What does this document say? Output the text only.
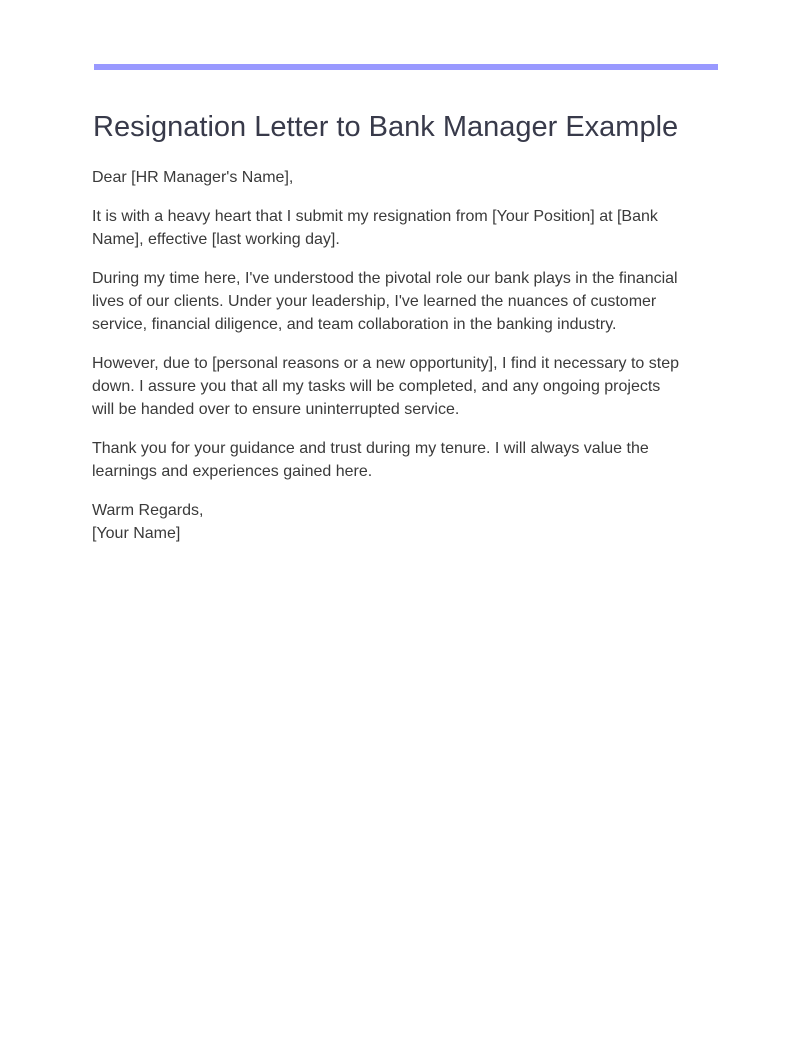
Resignation Letter to Bank Manager Example

Dear [HR Manager's Name],

It is with a heavy heart that I submit my resignation from [Your Position] at [Bank
Name], effective [last working day].

During my time here, I've understood the pivotal role our bank plays in the financial
lives of our clients. Under your leadership, I've learned the nuances of customer
service, financial diligence, and team collaboration in the banking industry.

However, due to [personal reasons or a new opportunity], I find it necessary to step
down. I assure you that all my tasks will be completed, and any ongoing projects
will be handed over to ensure uninterrupted service.

Thank you for your guidance and trust during my tenure. I will always value the
learnings and experiences gained here.

Warm Regards,
[Your Name]
